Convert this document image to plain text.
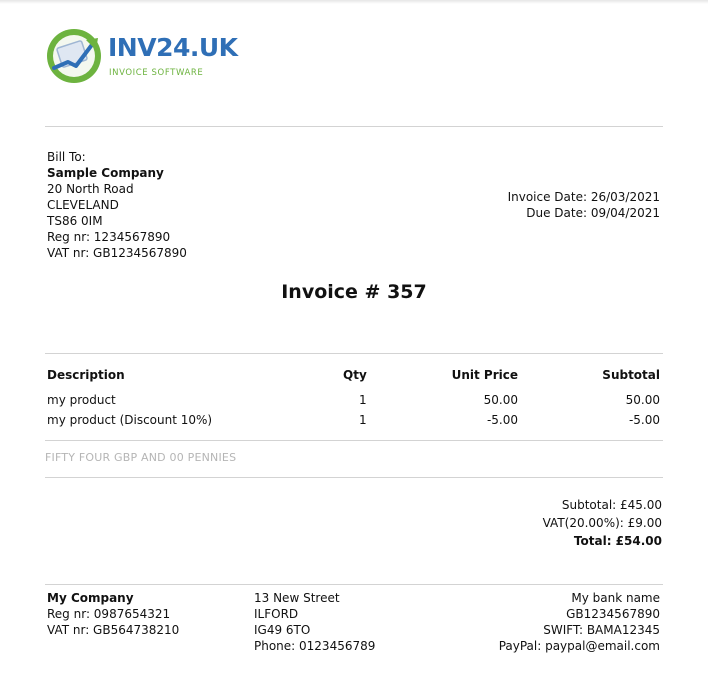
INV24.UK
INVOICE SOFTWARE
Bill To:
Sample Company
20 North Road
CLEVELAND
TS86 0IM
Reg nr: 1234567890
VAT nr: GB1234567890
Invoice Date: 26/03/2021
Due Date: 09/04/2021
Invoice # 357
Description	Qty	Unit Price	Subtotal
my product	1	50.00	50.00
my product (Discount 10%)	1	-5.00	-5.00
FIFTY FOUR GBP AND 00 PENNIES
Subtotal: £45.00
VAT(20.00%): £9.00
Total: £54.00
My Company
Reg nr: 0987654321
VAT nr: GB564738210
13 New Street
ILFORD
IG49 6TO
Phone: 0123456789
My bank name
GB1234567890
SWIFT: BAMA12345
PayPal: paypal@email.com
